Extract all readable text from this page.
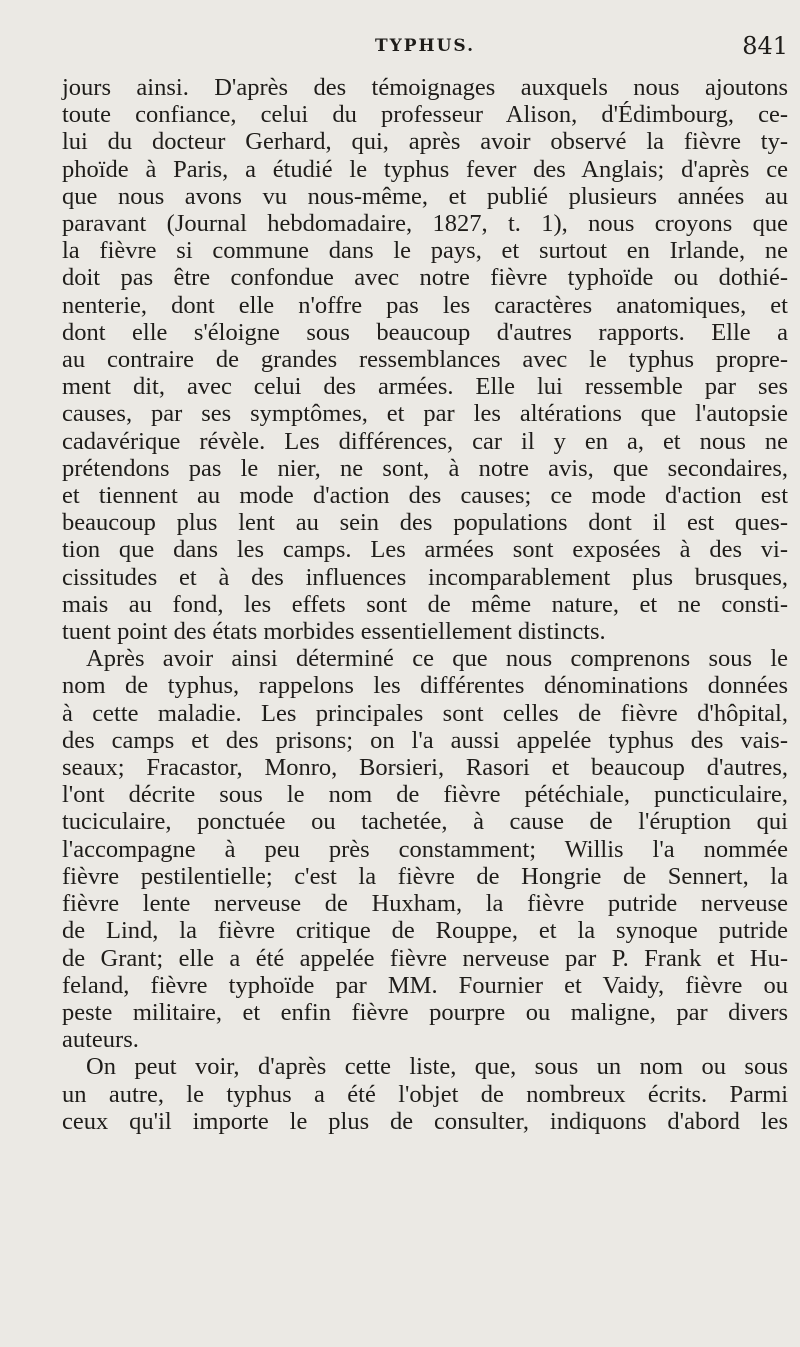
TYPHUS.	841

jours ainsi. D'après des témoignages auxquels nous ajoutons
toute confiance, celui du professeur Alison, d'Édimbourg, ce-
lui du docteur Gerhard, qui, après avoir observé la fièvre ty-
phoïde à Paris, a étudié le typhus fever des Anglais; d'après ce
que nous avons vu nous-même, et publié plusieurs années au
paravant (Journal hebdomadaire, 1827, t. 1), nous croyons que
la fièvre si commune dans le pays, et surtout en Irlande, ne
doit pas être confondue avec notre fièvre typhoïde ou dothié-
nenterie, dont elle n'offre pas les caractères anatomiques, et
dont elle s'éloigne sous beaucoup d'autres rapports. Elle a
au contraire de grandes ressemblances avec le typhus propre-
ment dit, avec celui des armées. Elle lui ressemble par ses
causes, par ses symptômes, et par les altérations que l'autopsie
cadavérique révèle. Les différences, car il y en a, et nous ne
prétendons pas le nier, ne sont, à notre avis, que secondaires,
et tiennent au mode d'action des causes; ce mode d'action est
beaucoup plus lent au sein des populations dont il est ques-
tion que dans les camps. Les armées sont exposées à des vi-
cissitudes et à des influences incomparablement plus brusques,
mais au fond, les effets sont de même nature, et ne consti-
tuent point des états morbides essentiellement distincts.

Après avoir ainsi déterminé ce que nous comprenons sous le

nom de typhus, rappelons les différentes dénominations données
à cette maladie. Les principales sont celles de fièvre d'hôpital,
des camps et des prisons; on l'a aussi appelée typhus des vais-
seaux; Fracastor, Monro, Borsieri, Rasori et beaucoup d'autres,
l'ont décrite sous le nom de fièvre pétéchiale, puncticulaire,
tuciculaire, ponctuée ou tachetée, à cause de l'éruption qui
l'accompagne à peu près constamment; Willis l'a nommée
fièvre pestilentielle; c'est la fièvre de Hongrie de Sennert, la
fièvre lente nerveuse de Huxham, la fièvre putride nerveuse
de Lind, la fièvre critique de Rouppe, et la synoque putride
de Grant; elle a été appelée fièvre nerveuse par P. Frank et Hu-
feland, fièvre typhoïde par MM. Fournier et Vaidy, fièvre ou
peste militaire, et enfin fièvre pourpre ou maligne, par divers
auteurs.

On peut voir, d'après cette liste, que, sous un nom ou sous

un autre, le typhus a été l'objet de nombreux écrits. Parmi
ceux qu'il importe le plus de consulter, indiquons d'abord les
